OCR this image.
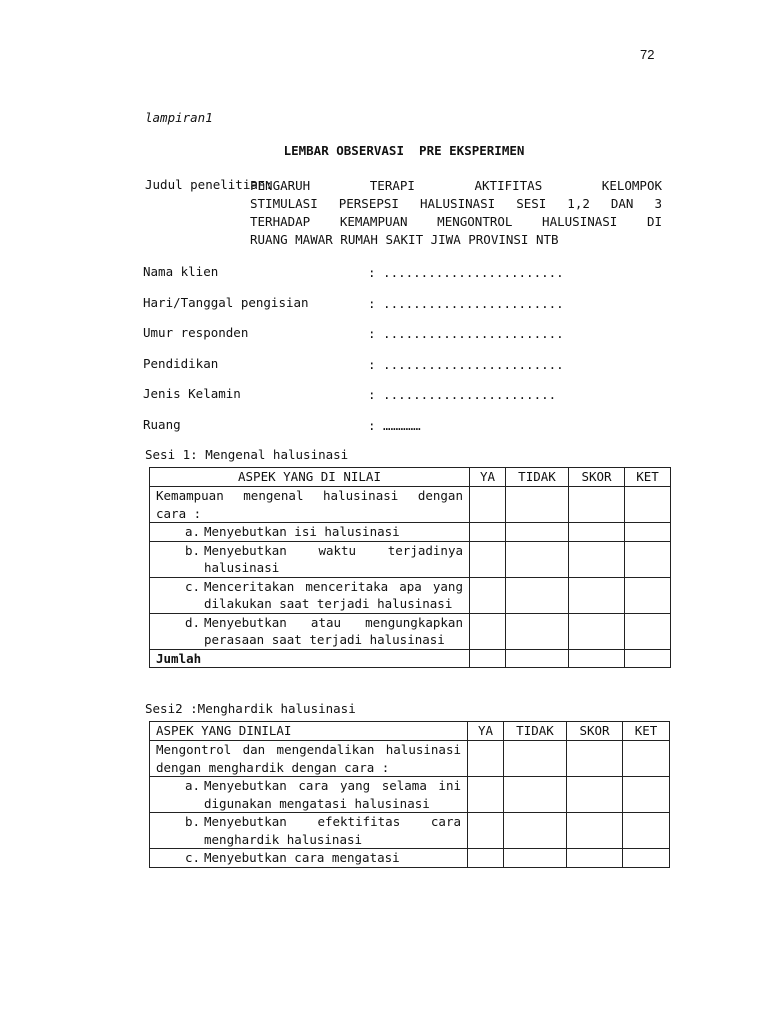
72
lampiran1
LEMBAR OBSERVASI  PRE EKSPERIMEN
Judul penelitian:
PENGARUH TERAPI AKTIFITAS KELOMPOK
STIMULASI PERSEPSI HALUSINASI SESI 1,2 DAN 3
TERHADAP KEMAMPUAN MENGONTROL HALUSINASI DI
RUANG MAWAR RUMAH SAKIT JIWA PROVINSI NTB
Nama klien	: ........................
Hari/Tanggal pengisian	: ........................
Umur responden	: ........................
Pendidikan	: ........................
Jenis Kelamin	: .......................
Ruang	: ……………
Sesi 1: Mengenal halusinasi
ASPEK YANG DI NILAI	YA	TIDAK	SKOR	KET
Kemampuan mengenal halusinasi dengan cara :				

a. Menyebutkan isi halusinasi				

b. Menyebutkan waktu terjadinya halusinasi				

c. Menceritakan menceritaka apa yang dilakukan saat terjadi halusinasi				

d. Menyebutkan atau mengungkapkan perasaan saat terjadi halusinasi				

Jumlah				
Sesi2 :Menghardik halusinasi
ASPEK YANG DINILAI	YA	TIDAK	SKOR	KET
Mengontrol dan mengendalikan halusinasi dengan menghardik dengan cara :				

a. Menyebutkan cara yang selama ini digunakan mengatasi halusinasi				

b. Menyebutkan efektifitas cara menghardik halusinasi				

c. Menyebutkan cara mengatasi				
